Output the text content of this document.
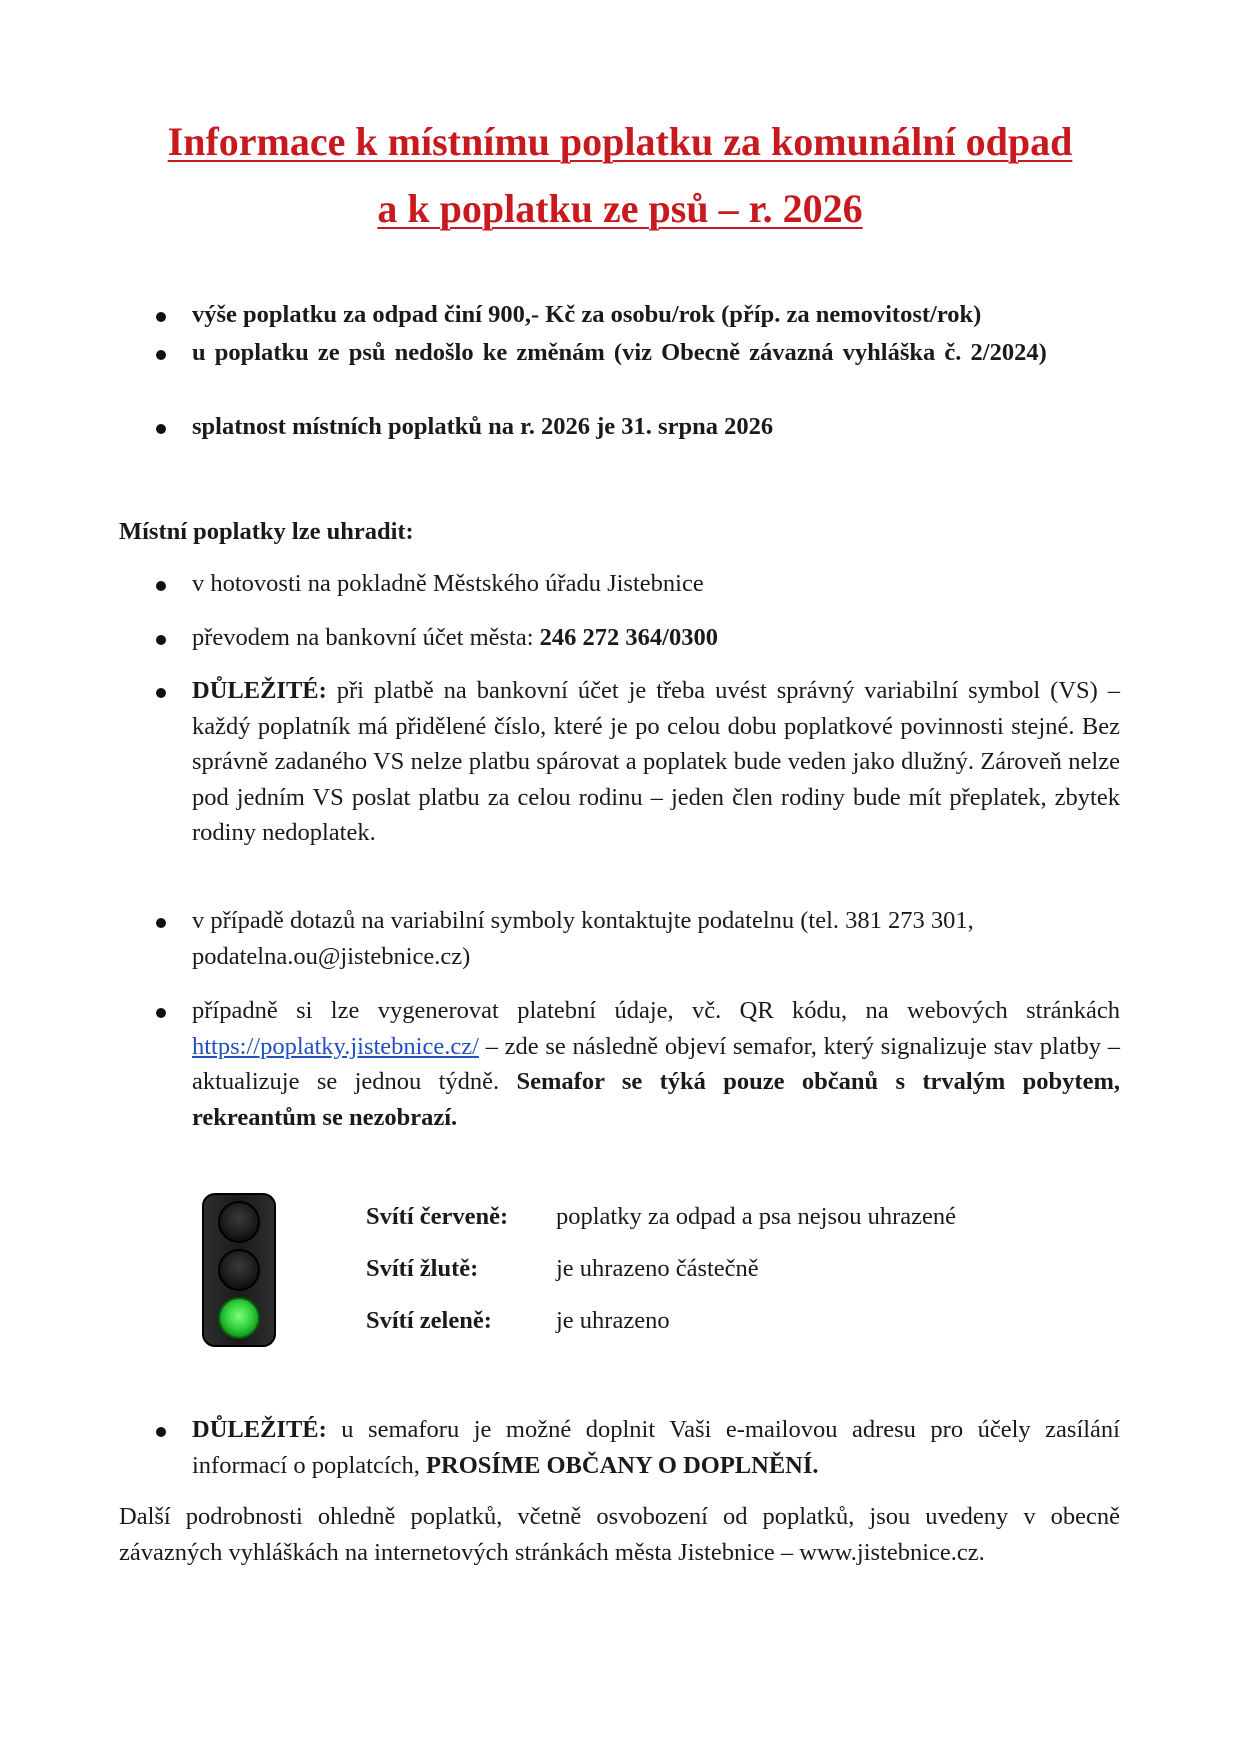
Informace k místnímu poplatku za komunální odpad
a k poplatku ze psů – r. 2026
výše poplatku za odpad činí 900,- Kč za osobu/rok (příp. za nemovitost/rok)
u poplatku ze psů nedošlo ke změnám (viz Obecně závazná vyhláška č. 2/2024)
splatnost místních poplatků na r. 2026 je 31. srpna 2026
Místní poplatky lze uhradit:
v hotovosti na pokladně Městského úřadu Jistebnice
převodem na bankovní účet města: 246 272 364/0300
DŮLEŽITÉ: při platbě na bankovní účet je třeba uvést správný variabilní symbol (VS) – každý poplatník má přidělené číslo, které je po celou dobu poplatkové povinnosti stejné. Bez správně zadaného VS nelze platbu spárovat a poplatek bude veden jako dlužný. Zároveň nelze pod jedním VS poslat platbu za celou rodinu – jeden člen rodiny bude mít přeplatek, zbytek rodiny nedoplatek.
v případě dotazů na variabilní symboly kontaktujte podatelnu (tel. 381 273 301, podatelna.ou@jistebnice.cz)
případně si lze vygenerovat platební údaje, vč. QR kódu, na webových stránkách https://poplatky.jistebnice.cz/ – zde se následně objeví semafor, který signalizuje stav platby – aktualizuje se jednou týdně. Semafor se týká pouze občanů s trvalým pobytem, rekreantům se nezobrazí.
Svítí červeně: poplatky za odpad a psa nejsou uhrazené
Svítí žlutě:	je uhrazeno částečně
Svítí zeleně:	je uhrazeno
DŮLEŽITÉ: u semaforu je možné doplnit Vaši e-mailovou adresu pro účely zasílání informací o poplatcích, PROSÍME OBČANY O DOPLNĚNÍ.
Další podrobnosti ohledně poplatků, včetně osvobození od poplatků, jsou uvedeny v obecně závazných vyhláškách na internetových stránkách města Jistebnice – www.jistebnice.cz.
